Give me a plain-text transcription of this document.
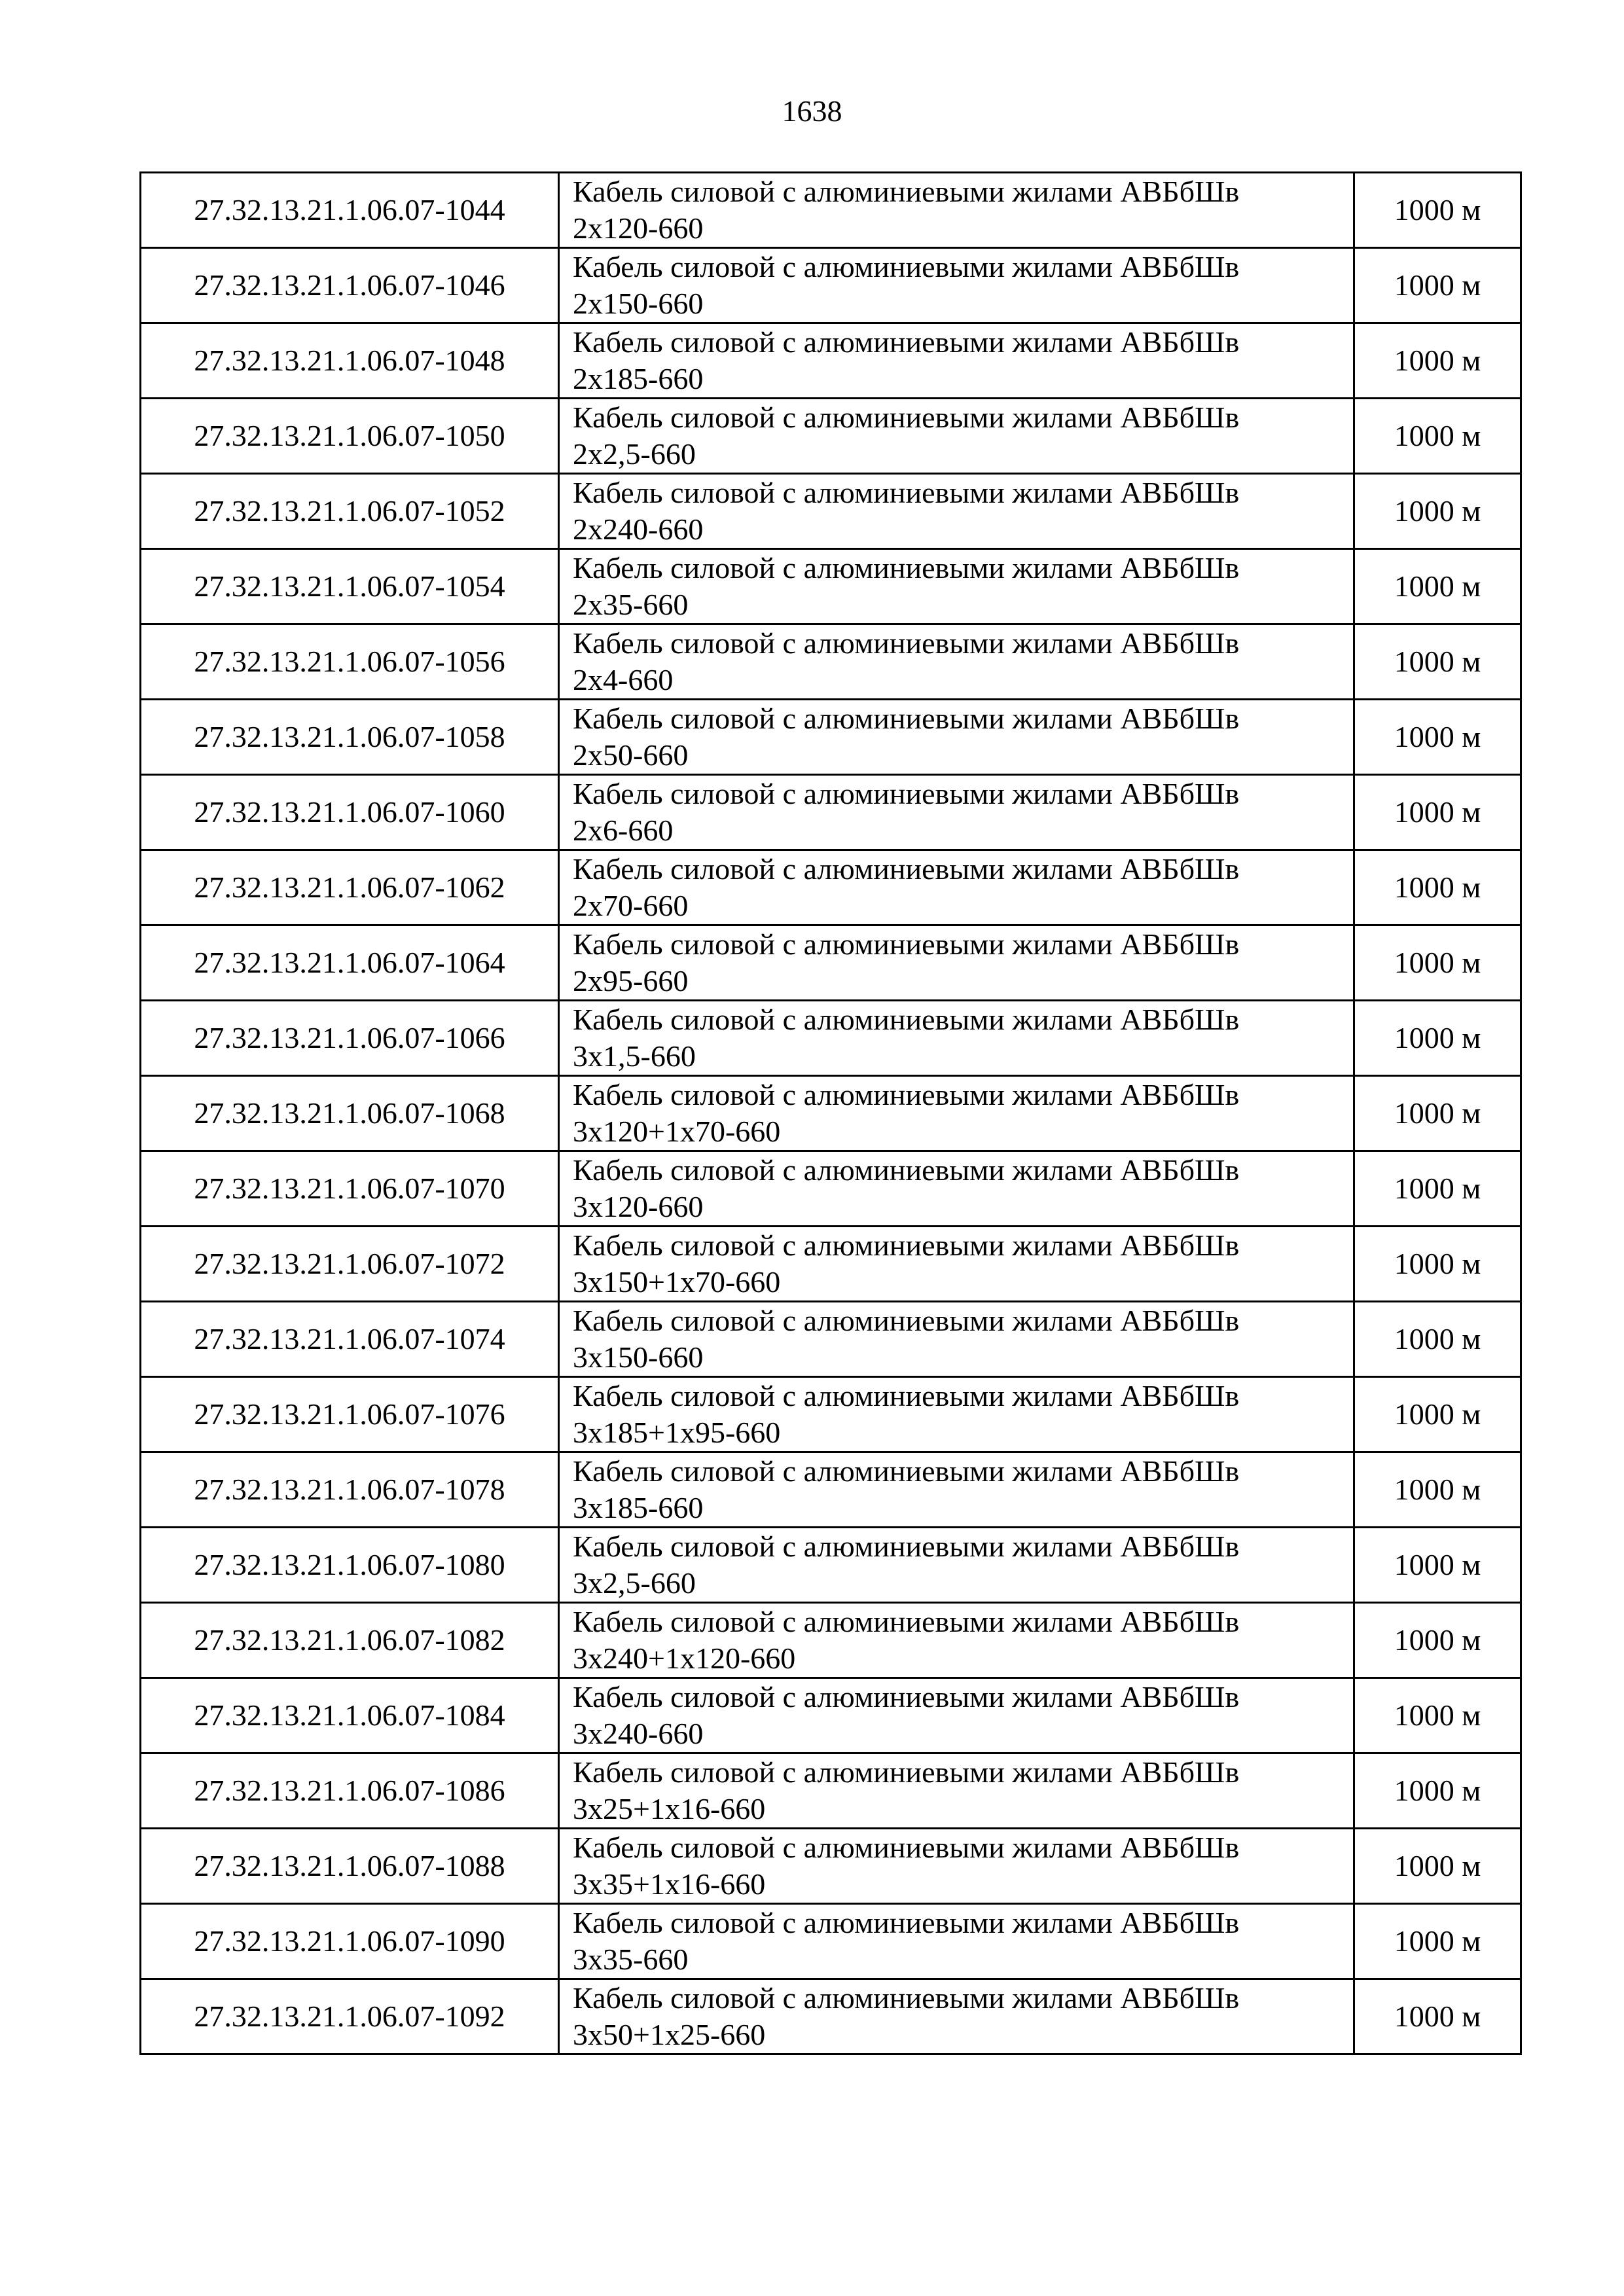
1638
27.32.13.21.1.06.07-1044	Кабель силовой с алюминиевыми жилами АВБбШв
2х120-660	1000 м
27.32.13.21.1.06.07-1046	Кабель силовой с алюминиевыми жилами АВБбШв
2х150-660	1000 м
27.32.13.21.1.06.07-1048	Кабель силовой с алюминиевыми жилами АВБбШв
2х185-660	1000 м
27.32.13.21.1.06.07-1050	Кабель силовой с алюминиевыми жилами АВБбШв
2х2,5-660	1000 м
27.32.13.21.1.06.07-1052	Кабель силовой с алюминиевыми жилами АВБбШв
2х240-660	1000 м
27.32.13.21.1.06.07-1054	Кабель силовой с алюминиевыми жилами АВБбШв
2х35-660	1000 м
27.32.13.21.1.06.07-1056	Кабель силовой с алюминиевыми жилами АВБбШв
2х4-660	1000 м
27.32.13.21.1.06.07-1058	Кабель силовой с алюминиевыми жилами АВБбШв
2х50-660	1000 м
27.32.13.21.1.06.07-1060	Кабель силовой с алюминиевыми жилами АВБбШв
2х6-660	1000 м
27.32.13.21.1.06.07-1062	Кабель силовой с алюминиевыми жилами АВБбШв
2х70-660	1000 м
27.32.13.21.1.06.07-1064	Кабель силовой с алюминиевыми жилами АВБбШв
2х95-660	1000 м
27.32.13.21.1.06.07-1066	Кабель силовой с алюминиевыми жилами АВБбШв
3х1,5-660	1000 м
27.32.13.21.1.06.07-1068	Кабель силовой с алюминиевыми жилами АВБбШв
3х120+1х70-660	1000 м
27.32.13.21.1.06.07-1070	Кабель силовой с алюминиевыми жилами АВБбШв
3х120-660	1000 м
27.32.13.21.1.06.07-1072	Кабель силовой с алюминиевыми жилами АВБбШв
3х150+1х70-660	1000 м
27.32.13.21.1.06.07-1074	Кабель силовой с алюминиевыми жилами АВБбШв
3х150-660	1000 м
27.32.13.21.1.06.07-1076	Кабель силовой с алюминиевыми жилами АВБбШв
3х185+1х95-660	1000 м
27.32.13.21.1.06.07-1078	Кабель силовой с алюминиевыми жилами АВБбШв
3х185-660	1000 м
27.32.13.21.1.06.07-1080	Кабель силовой с алюминиевыми жилами АВБбШв
3х2,5-660	1000 м
27.32.13.21.1.06.07-1082	Кабель силовой с алюминиевыми жилами АВБбШв
3х240+1х120-660	1000 м
27.32.13.21.1.06.07-1084	Кабель силовой с алюминиевыми жилами АВБбШв
3х240-660	1000 м
27.32.13.21.1.06.07-1086	Кабель силовой с алюминиевыми жилами АВБбШв
3х25+1х16-660	1000 м
27.32.13.21.1.06.07-1088	Кабель силовой с алюминиевыми жилами АВБбШв
3х35+1х16-660	1000 м
27.32.13.21.1.06.07-1090	Кабель силовой с алюминиевыми жилами АВБбШв
3х35-660	1000 м
27.32.13.21.1.06.07-1092	Кабель силовой с алюминиевыми жилами АВБбШв
3х50+1х25-660	1000 м
